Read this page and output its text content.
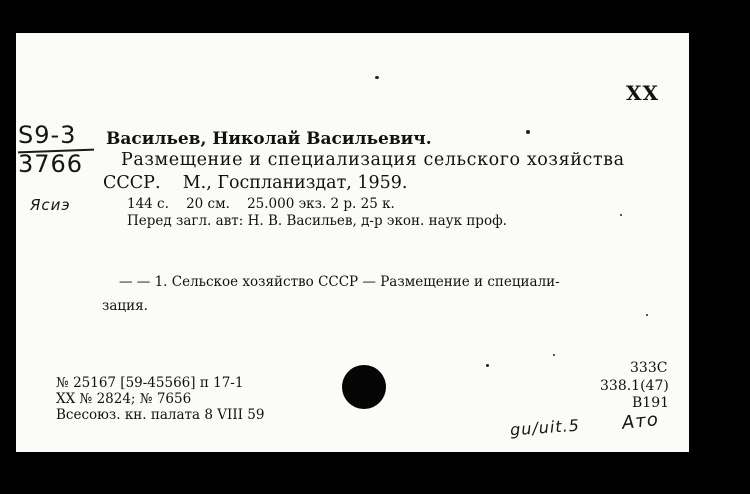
XX
S9-3
3766
Ясиэ
Васильев, Николай Васильевич.
Размещение и специализация сельского хозяйства
СССР.    М., Госпланиздат, 1959.
144 с.    20 см.    25.000 экз. 2 р. 25 к.
Перед загл. авт: Н. В. Васильев, д-р экон. наук проф.
— — 1. Сельское хозяйство СССР — Размещение и специали-
зация.
№ 25167 [59-45566] п 17-1
XX № 2824; № 7656
Всесоюз. кн. палата 8 VIII 59
333С
338.1(47)
В191
gu/uit.5 Ато
